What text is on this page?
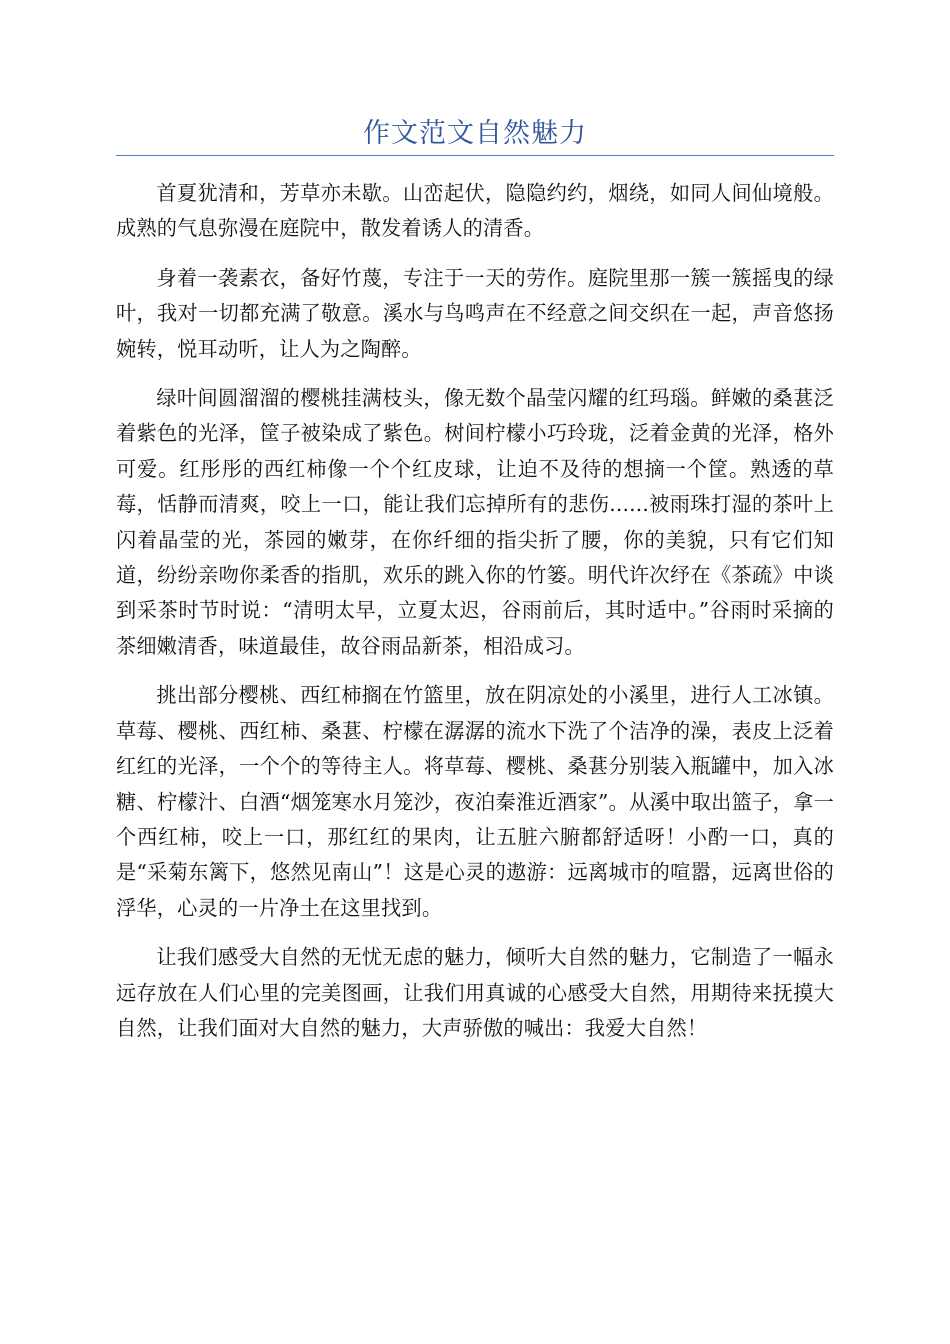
作文范文自然魅力

首夏犹清和，芳草亦未歇。山峦起伏，隐隐约约，烟绕，如同人间仙境般。成熟的气息弥漫在庭院中，散发着诱人的清香。

身着一袭素衣，备好竹蔑，专注于一天的劳作。庭院里那一簇一簇摇曳的绿叶，我对一切都充满了敬意。溪水与鸟鸣声在不经意之间交织在一起，声音悠扬婉转，悦耳动听，让人为之陶醉。

绿叶间圆溜溜的樱桃挂满枝头，像无数个晶莹闪耀的红玛瑙。鲜嫩的桑葚泛着紫色的光泽，筐子被染成了紫色。树间柠檬小巧玲珑，泛着金黄的光泽，格外可爱。红彤彤的西红柿像一个个红皮球，让迫不及待的想摘一个筐。熟透的草莓，恬静而清爽，咬上一口，能让我们忘掉所有的悲伤......被雨珠打湿的茶叶上闪着晶莹的光，茶园的嫩芽，在你纤细的指尖折了腰，你的美貌，只有它们知道，纷纷亲吻你柔香的指肌，欢乐的跳入你的竹篓。明代许次纾在《茶疏》中谈到采茶时节时说：“清明太早，立夏太迟，谷雨前后，其时适中。”谷雨时采摘的茶细嫩清香，味道最佳，故谷雨品新茶，相沿成习。

挑出部分樱桃、西红柿搁在竹篮里，放在阴凉处的小溪里，进行人工冰镇。草莓、樱桃、西红柿、桑葚、柠檬在潺潺的流水下洗了个洁净的澡，表皮上泛着红红的光泽，一个个的等待主人。将草莓、樱桃、桑葚分别装入瓶罐中，加入冰糖、柠檬汁、白酒“烟笼寒水月笼沙，夜泊秦淮近酒家”。从溪中取出篮子，拿一个西红柿，咬上一口，那红红的果肉，让五脏六腑都舒适呀！小酌一口，真的是“采菊东篱下，悠然见南山”！这是心灵的遨游：远离城市的喧嚣，远离世俗的浮华，心灵的一片净土在这里找到。

让我们感受大自然的无忧无虑的魅力，倾听大自然的魅力，它制造了一幅永远存放在人们心里的完美图画，让我们用真诚的心感受大自然，用期待来抚摸大自然，让我们面对大自然的魅力，大声骄傲的喊出：我爱大自然！
